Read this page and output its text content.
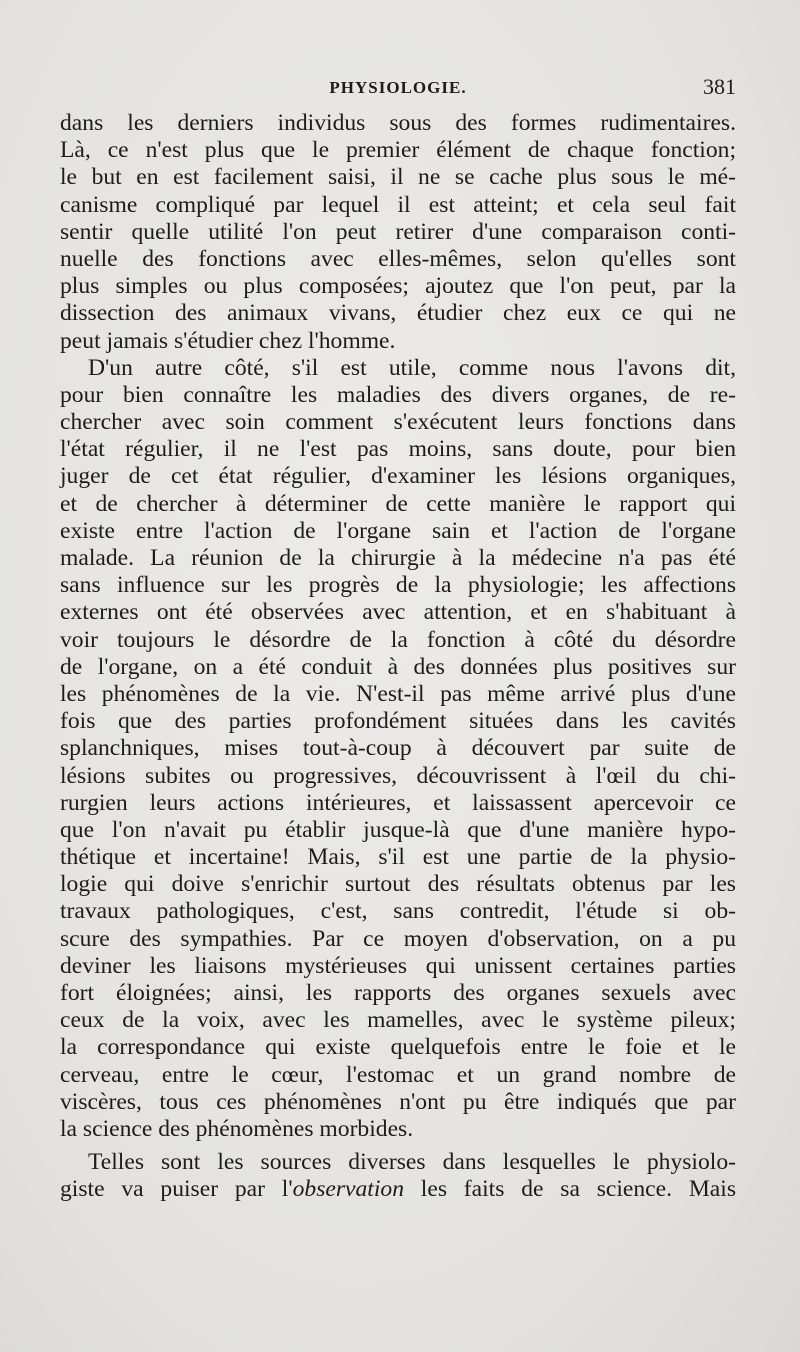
PHYSIOLOGIE.	381
dans les derniers individus sous des formes rudimentaires.
Là, ce n'est plus que le premier élément de chaque fonction;
le but en est facilement saisi, il ne se cache plus sous le mé-
canisme compliqué par lequel il est atteint; et cela seul fait
sentir quelle utilité l'on peut retirer d'une comparaison conti-
nuelle des fonctions avec elles-mêmes, selon qu'elles sont
plus simples ou plus composées; ajoutez que l'on peut, par la
dissection des animaux vivans, étudier chez eux ce qui ne
peut jamais s'étudier chez l'homme.
D'un autre côté, s'il est utile, comme nous l'avons dit,
pour bien connaître les maladies des divers organes, de re-
chercher avec soin comment s'exécutent leurs fonctions dans
l'état régulier, il ne l'est pas moins, sans doute, pour bien
juger de cet état régulier, d'examiner les lésions organiques,
et de chercher à déterminer de cette manière le rapport qui
existe entre l'action de l'organe sain et l'action de l'organe
malade. La réunion de la chirurgie à la médecine n'a pas été
sans influence sur les progrès de la physiologie; les affections
externes ont été observées avec attention, et en s'habituant à
voir toujours le désordre de la fonction à côté du désordre
de l'organe, on a été conduit à des données plus positives sur
les phénomènes de la vie. N'est-il pas même arrivé plus d'une
fois que des parties profondément situées dans les cavités
splanchniques, mises tout-à-coup à découvert par suite de
lésions subites ou progressives, découvrissent à l'œil du chi-
rurgien leurs actions intérieures, et laissassent apercevoir ce
que l'on n'avait pu établir jusque-là que d'une manière hypo-
thétique et incertaine! Mais, s'il est une partie de la physio-
logie qui doive s'enrichir surtout des résultats obtenus par les
travaux pathologiques, c'est, sans contredit, l'étude si ob-
scure des sympathies. Par ce moyen d'observation, on a pu
deviner les liaisons mystérieuses qui unissent certaines parties
fort éloignées; ainsi, les rapports des organes sexuels avec
ceux de la voix, avec les mamelles, avec le système pileux;
la correspondance qui existe quelquefois entre le foie et le
cerveau, entre le cœur, l'estomac et un grand nombre de
viscères, tous ces phénomènes n'ont pu être indiqués que par
la science des phénomènes morbides.
Telles sont les sources diverses dans lesquelles le physiolo-
giste va puiser par l'observation les faits de sa science. Mais
